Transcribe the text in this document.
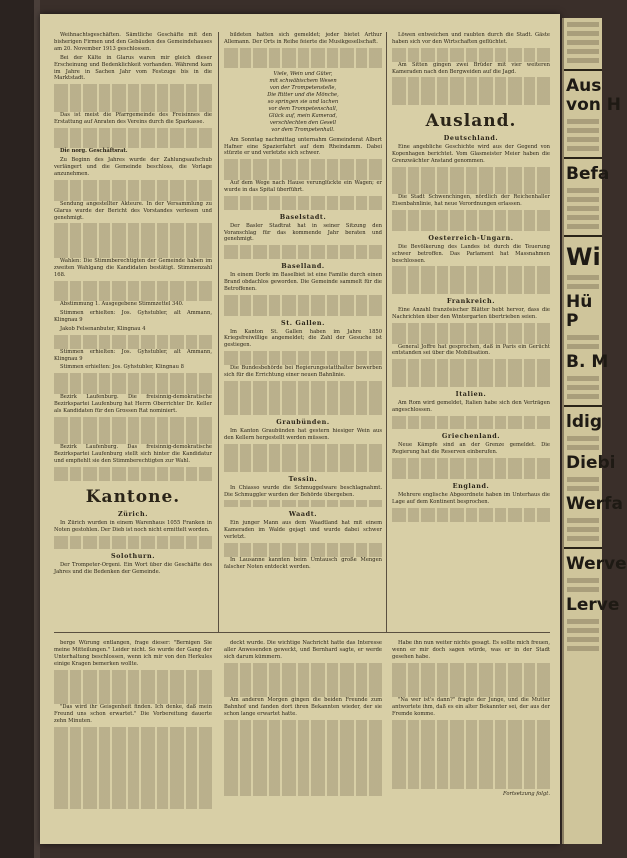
Weihnachtsgeschäften. Sämtliche Geschäfte mit den bisherigen Firmen und den Gebäuden des Gemeindehauses am 20. November 1913 geschlossen.

Bei der Kälte in Glarus waren mir gleich dieser Erscheinung und Bedenklichkeit vorhanden. Während kam im Jahre in Sachen Jahr vom Festzuge bis in die Marktstadt.

Das ist meist die Pfarrgemeinde des Freisinnes die Erstattung auf Anraten des Vereins durch die Sparkasse.

Die norg. Geschäftsrat.

Zu Beginn des Jahres wurde der Zahlungsaufschub verlängert und die Gemeinde beschloss, die Vorlage anzunehmen.

Sendung angestellter Akteure. In der Versammlung zu Glarus wurde der Bericht des Vorstandes verlesen und genehmigt.

Wahlen: Die Stimmberechtigten der Gemeinde haben im zweiten Wahlgang die Kandidaten bestätigt. Stimmenzahl 168.

Abstimmung 1. Ausgegebene Stimmzettel 340.

Stimmen erhielten: Jos. Gyhstubler, alt Ammann, Klingnau 9

Jakob Felsenanbuter, Klingnau 4

Stimmen erhielten: Jos. Gyhstubler, alt Ammann, Klingnau 9

Stimmen erhielten: Jos. Gyhstubler, Klingnau 8

Bezirk Laufenburg. Die freisinnig-demokratische Bezirkspartei Laufenburg hat Herrn Oberrichter Dr. Keller als Kandidaten für den Grossen Rat nominiert.

Bezirk Laufenburg. Das freisinnig-demokratische Bezirkspartei Laufenburg stellt sich hinter die Kandidatur und empfiehlt sie den Stimmberechtigten zur Wahl.

Kantone.
Zürich.

In Zürich wurden in einem Warenhaus 1055 Franken in Noten gestohlen. Der Dieb ist noch nicht ermittelt worden.

Solothurn.

Der Trompeter-Orgeni. Ein Wort über die Geschäfte des Jahres und die Bedenken der Gemeinde.

bildeten hatten sich gemeldet; jeder bietet Arthur Allemann. Der Orts in Reihe feierte die Musikgesellschaft.

Viele, Wein und Güter,
mit schwäbischem Wesen
von der Trompetenstelle,
Die Ritter und die Mönche,
so springen sie und lachen
vor dem Trompetenschall,
Glück auf, mein Kamerad,
verschlechten den Gesell
vor dem Trompetenhall.

Am Sonntag nachmittag unternahm Gemeinderat Albert Hafner eine Spazierfahrt auf dem Rheindamm. Dabei stürzte er und verletzte sich schwer.

Auf dem Wege nach Hause verunglückte ein Wagen; er wurde in das Spital überführt.

Baselstadt.

Der Basler Stadtrat hat in seiner Sitzung den Voranschlag für das kommende Jahr beraten und genehmigt.

Baselland.

In einem Dorfe im Baselbiet ist eine Familie durch einen Brand obdachlos geworden. Die Gemeinde sammelt für die Betroffenen.

St. Gallen.

Im Kanton St. Gallen haben im Jahre 1850 Kriegsfreiwillige angemeldet; die Zahl der Gesuche ist gestiegen.

Die Bundesbehörde bei Regierungsstatthalter bewerben sich für die Errichtung einer neuen Bahnlinie.

Graubünden.

Im Kanton Graubünden hat gestern hiesiger Wein aus den Kellern hergestellt werden müssen.

Tessin.

In Chiasso wurde die Schmuggelware beschlagnahmt. Die Schmuggler wurden der Behörde übergeben.

Waadt.

Ein junger Mann aus dem Waadtland hat mit einem Kameraden im Walde gejagt und wurde dabei schwer verletzt.

In Lausanne kannten beim Umtausch große Mengen falscher Noten entdeckt werden.

Löwen entweichen und raubten durch die Stadt. Gäste haben sich vor den Wirtschaften geflüchtet.

Am Sitten gingen zwei Brüder mit vier weiteren Kameraden nach den Bergweiden auf die Jagd.

Ausland.
Deutschland.

Eine angebliche Geschichte wird aus der Gegend von Kopenhagen berichtet. Vom Glasmeister Meier haben die Grenzwächter Anstand genommen.

Die Stadt Schwenchingen, nördlich der Reichenhaller Eisenbahnlinie, hat neue Verordnungen erlassen.

Oesterreich-Ungarn.

Die Bevölkerung des Landes ist durch die Teuerung schwer betroffen. Das Parlament hat Massnahmen beschlossen.

Frankreich.

Eine Anzahl französischer Blätter hebt hervor, dass die Nachrichten über den Wintergarten übertrieben seien.

General Joffre hat gesprochen, daß in Paris ein Gerücht entstanden sei über die Mobilisation.

Italien.

Am Rom wird gemeldet, Italien habe sich den Verträgen angeschlossen.

Griechenland.

Neue Kämpfe sind an der Grenze gemeldet. Die Regierung hat die Reserven einberufen.

England.

Mehrere englische Abgeordnete haben im Unterhaus die Lage auf dem Kontinent besprochen.

berge Würung entlangen, frage dieser: "Bernigen Sie meine Mitteilungen." Leider nicht. So wurde der Gang der Unterhaltung beschlossen, wenn ich mir von den Herkules einige Kragen bemerken wollte.

"Das wird ihr Geisgenheit finden. Ich denke, daß mein Freund uns schon erwartet." Die Vorbereitung dauerte zehn Minuten.

deckt wurde. Die wichtige Nachricht hatte das Interesse aller Anwesenden geweckt, und Bernhard sagte, er werde sich darum kümmern.

Am anderen Morgen gingen die beiden Freunde zum Bahnhof und fanden dort ihren Bekannten wieder, der sie schon lange erwartet hatte.

Habe ihn nun weiter nichts gesagt. Es sollte mich freuen, wenn er mir doch sagen würde, was er in der Stadt gesehen habe.

"Na wer ist's dann?" fragte der Junge, und die Mutter antwortete ihm, daß es ein alter Bekannter sei, der aus der Fremde komme.

Fortsetzung folgt.
Aus
von H
Befa
Wi
Hü
P
B. M
ldig
Diebi
Werfa
Werve
Lerve
